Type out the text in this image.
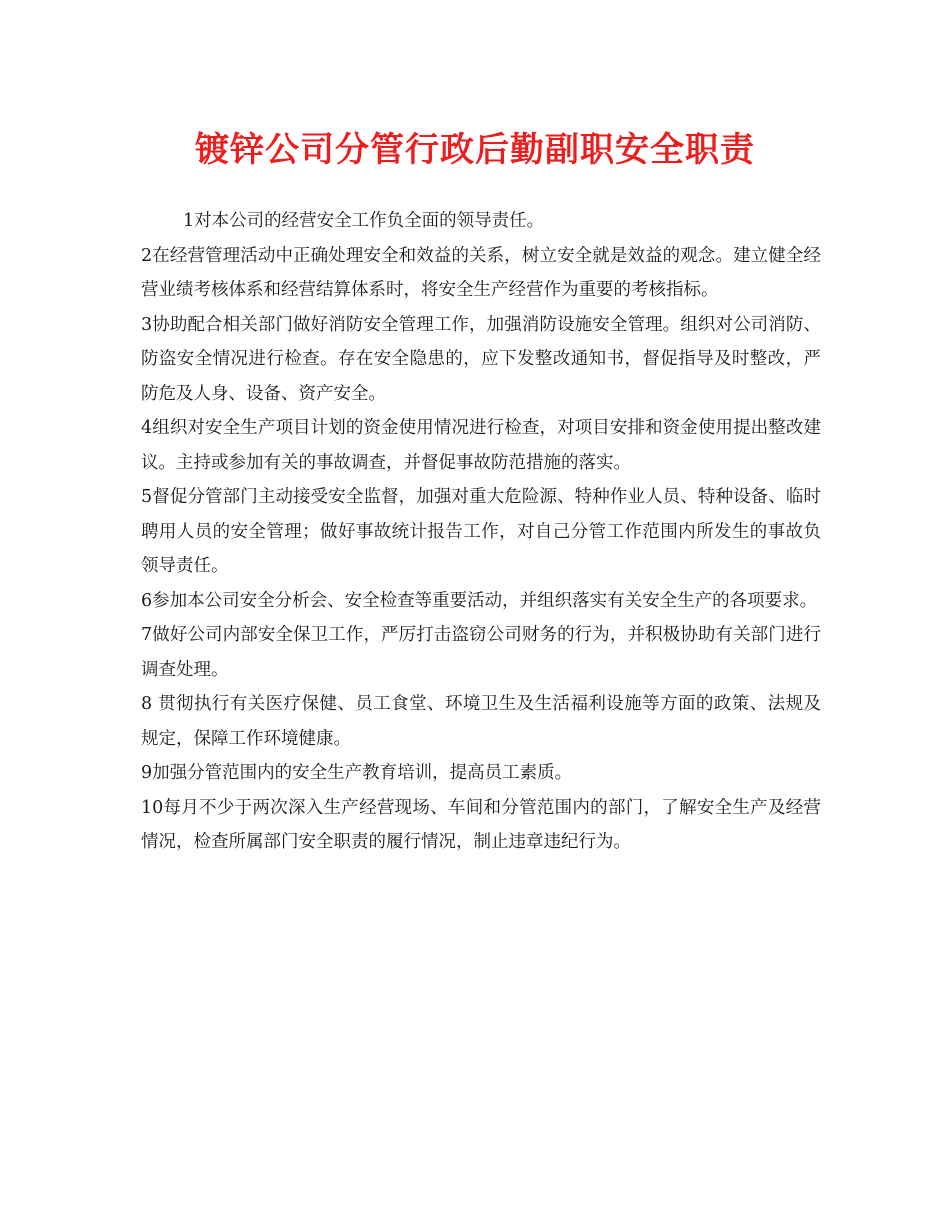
镀锌公司分管行政后勤副职安全职责

1对本公司的经营安全工作负全面的领导责任。

2在经营管理活动中正确处理安全和效益的关系，树立安全就是效益的观念。建立健全经营业绩考核体系和经营结算体系时，将安全生产经营作为重要的考核指标。

3协助配合相关部门做好消防安全管理工作，加强消防设施安全管理。组织对公司消防、防盗安全情况进行检查。存在安全隐患的，应下发整改通知书，督促指导及时整改，严防危及人身、设备、资产安全。

4组织对安全生产项目计划的资金使用情况进行检查，对项目安排和资金使用提出整改建议。主持或参加有关的事故调查，并督促事故防范措施的落实。

5督促分管部门主动接受安全监督，加强对重大危险源、特种作业人员、特种设备、临时聘用人员的安全管理；做好事故统计报告工作，对自己分管工作范围内所发生的事故负领导责任。

6参加本公司安全分析会、安全检查等重要活动，并组织落实有关安全生产的各项要求。

7做好公司内部安全保卫工作，严厉打击盗窃公司财务的行为，并积极协助有关部门进行调查处理。

8 贯彻执行有关医疗保健、员工食堂、环境卫生及生活福利设施等方面的政策、法规及规定，保障工作环境健康。

9加强分管范围内的安全生产教育培训，提高员工素质。

10每月不少于两次深入生产经营现场、车间和分管范围内的部门，了解安全生产及经营情况，检查所属部门安全职责的履行情况，制止违章违纪行为。
